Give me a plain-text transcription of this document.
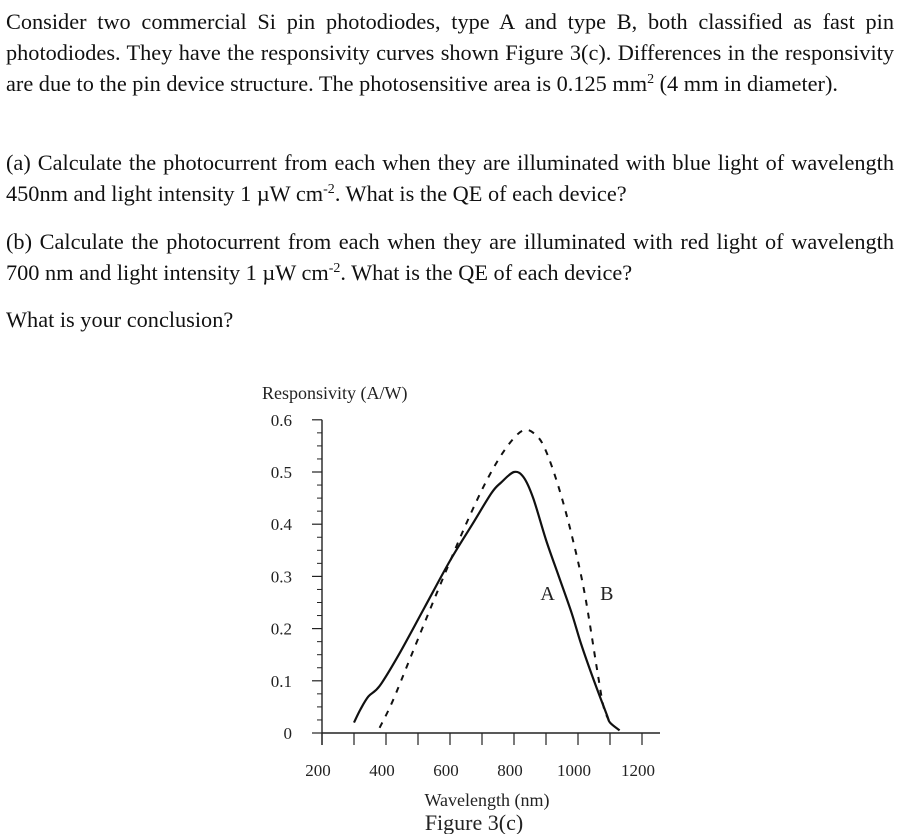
Consider two commercial Si pin photodiodes, type A and type B, both classified as fast pin photodiodes. They have the responsivity curves shown Figure 3(c). Differences in the responsivity are due to the pin device structure. The photosensitive area is 0.125 $mm^2$ (4 mm in diameter).
(a) Calculate the photocurrent from each when they are illuminated with blue light of wavelength 450nm and light intensity 1 µW $cm^{-2}$. What is the QE of each device?
(b) Calculate the photocurrent from each when they are illuminated with red light of wavelength 700 nm and light intensity 1 µW $cm^{-2}$. What is the QE of each device?
What is your conclusion?
0.6
0.5
0.4
0.3
0.2
0.1
0
200 400 600 800 1000 1200
Responsivity (A/W)
Wavelength (nm)
Figure 3(c)
A B
